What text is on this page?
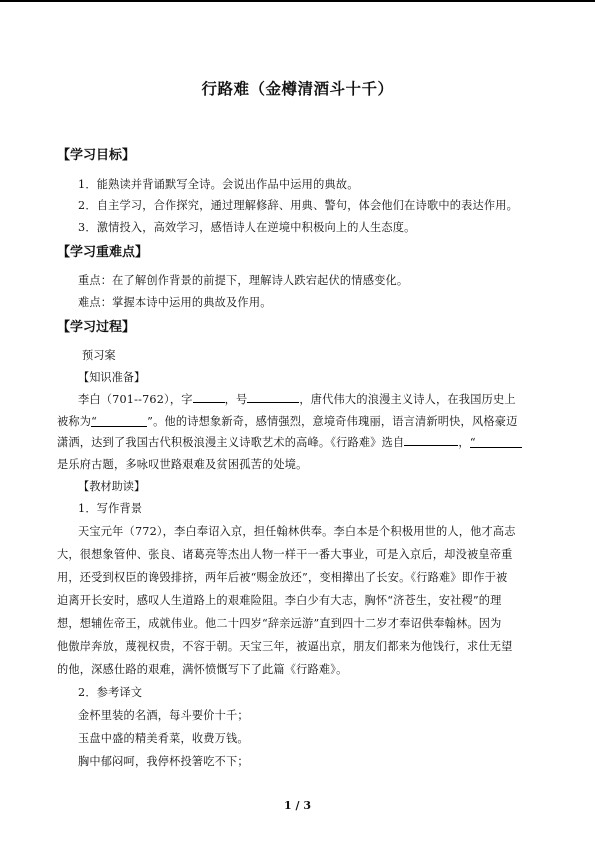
行路难（金樽清酒斗十千）
【学习目标】
1．能熟读并背诵默写全诗。会说出作品中运用的典故。
2．自主学习，合作探究，通过理解修辞、用典、警句，体会他们在诗歌中的表达作用。
3．激情投入，高效学习，感悟诗人在逆境中积极向上的人生态度。
【学习重难点】
重点：在了解创作背景的前提下，理解诗人跌宕起伏的情感变化。
难点：掌握本诗中运用的典故及作用。
【学习过程】
预习案
【知识准备】
李白（701--762），字	，号	，唐代伟大的浪漫主义诗人，在我国历史上
被称为“	”。他的诗想象新奇，感情强烈，意境奇伟瑰丽，语言清新明快，风格豪迈
潇洒，达到了我国古代积极浪漫主义诗歌艺术的高峰。《行路难》选自	，“
是乐府古题，多咏叹世路艰难及贫困孤苦的处境。
【教材助读】
1．写作背景
天宝元年（772），李白奉诏入京，担任翰林供奉。李白本是个积极用世的人，他才高志
大，很想象管仲、张良、诸葛亮等杰出人物一样干一番大事业，可是入京后，却没被皇帝重
用，还受到权臣的谗毁排挤，两年后被“赐金放还”，变相撵出了长安。《行路难》即作于被
迫离开长安时，感叹人生道路上的艰难险阻。李白少有大志，胸怀“济苍生，安社稷”的理
想，想辅佐帝王，成就伟业。他二十四岁“辞亲远游”直到四十二岁才奉诏供奉翰林。因为
他傲岸奔放，蔑视权贵，不容于朝。天宝三年，被逼出京，朋友们都来为他饯行，求仕无望
的他，深感仕路的艰难，满怀愤慨写下了此篇《行路难》。
2．参考译文
金杯里装的名酒，每斗要价十千；
玉盘中盛的精美肴菜，收费万钱。
胸中郁闷呵，我停杯投箸吃不下；
1 / 3
